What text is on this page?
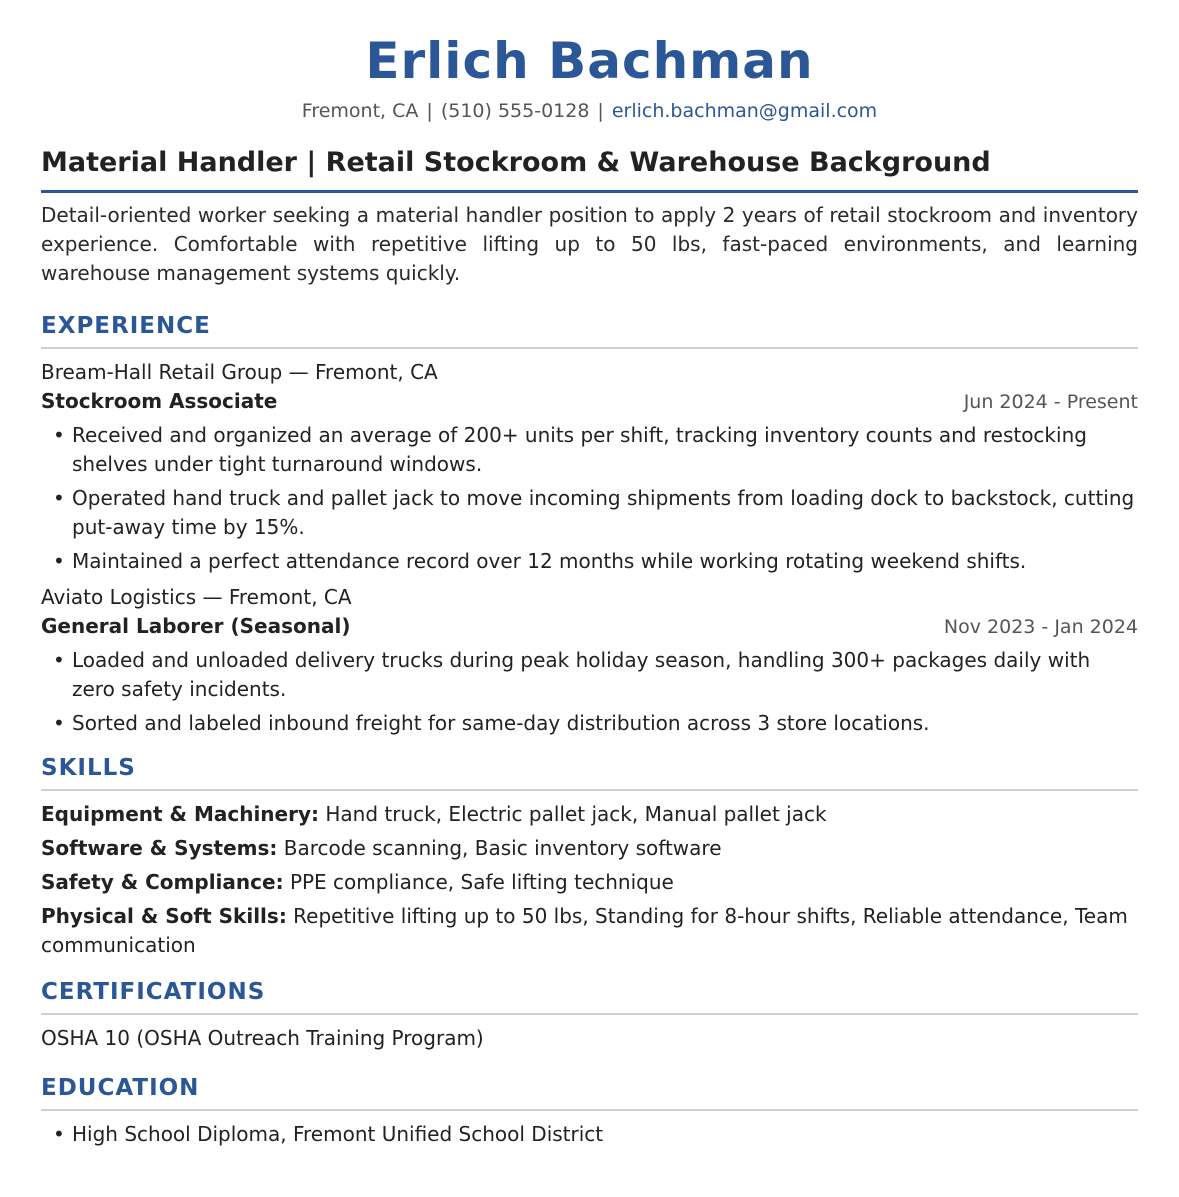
Erlich Bachman
Fremont, CA | (510) 555-0128 | erlich.bachman@gmail.com
Material Handler | Retail Stockroom & Warehouse Background
Detail-oriented worker seeking a material handler position to apply 2 years of retail stockroom and inventory experience. Comfortable with repetitive lifting up to 50 lbs, fast-paced environments, and learning warehouse management systems quickly.
EXPERIENCE
Bream-Hall Retail Group — Fremont, CA
Stockroom Associate	Jun 2024 - Present
• Received and organized an average of 200+ units per shift, tracking inventory counts and restocking shelves under tight turnaround windows.
• Operated hand truck and pallet jack to move incoming shipments from loading dock to backstock, cutting put-away time by 15%.
• Maintained a perfect attendance record over 12 months while working rotating weekend shifts.
Aviato Logistics — Fremont, CA
General Laborer (Seasonal)	Nov 2023 - Jan 2024
• Loaded and unloaded delivery trucks during peak holiday season, handling 300+ packages daily with zero safety incidents.
• Sorted and labeled inbound freight for same-day distribution across 3 store locations.
SKILLS
Equipment & Machinery: Hand truck, Electric pallet jack, Manual pallet jack
Software & Systems: Barcode scanning, Basic inventory software
Safety & Compliance: PPE compliance, Safe lifting technique
Physical & Soft Skills: Repetitive lifting up to 50 lbs, Standing for 8-hour shifts, Reliable attendance, Team communication
CERTIFICATIONS
OSHA 10 (OSHA Outreach Training Program)
EDUCATION
• High School Diploma, Fremont Unified School District
